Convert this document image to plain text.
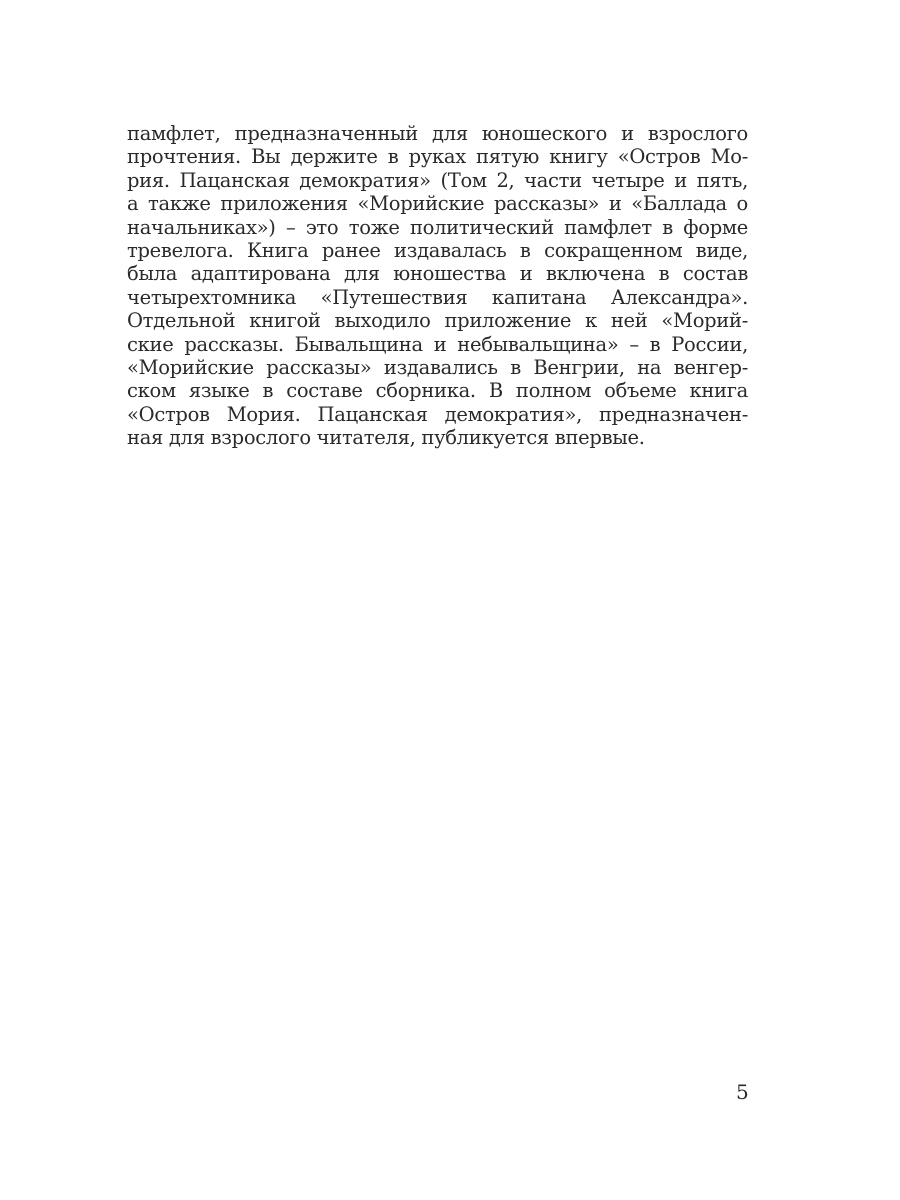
памфлет, предназначенный для юношеского и взрослого
прочтения. Вы держите в руках пятую книгу «Остров Мо-
рия. Пацанская демократия» (Том 2, части четыре и пять,
а также приложения «Морийские рассказы» и «Баллада о
начальниках») – это тоже политический памфлет в форме
тревелога. Книга ранее издавалась в сокращенном виде,
была адаптирована для юношества и включена в состав
четырехтомника «Путешествия капитана Александра».
Отдельной книгой выходило приложение к ней «Морий-
ские рассказы. Бывальщина и небывальщина» – в России,
«Морийские рассказы» издавались в Венгрии, на венгер-
ском языке в составе сборника. В полном объеме книга
«Остров Мория. Пацанская демократия», предназначен-
ная для взрослого читателя, публикуется впервые.
5
